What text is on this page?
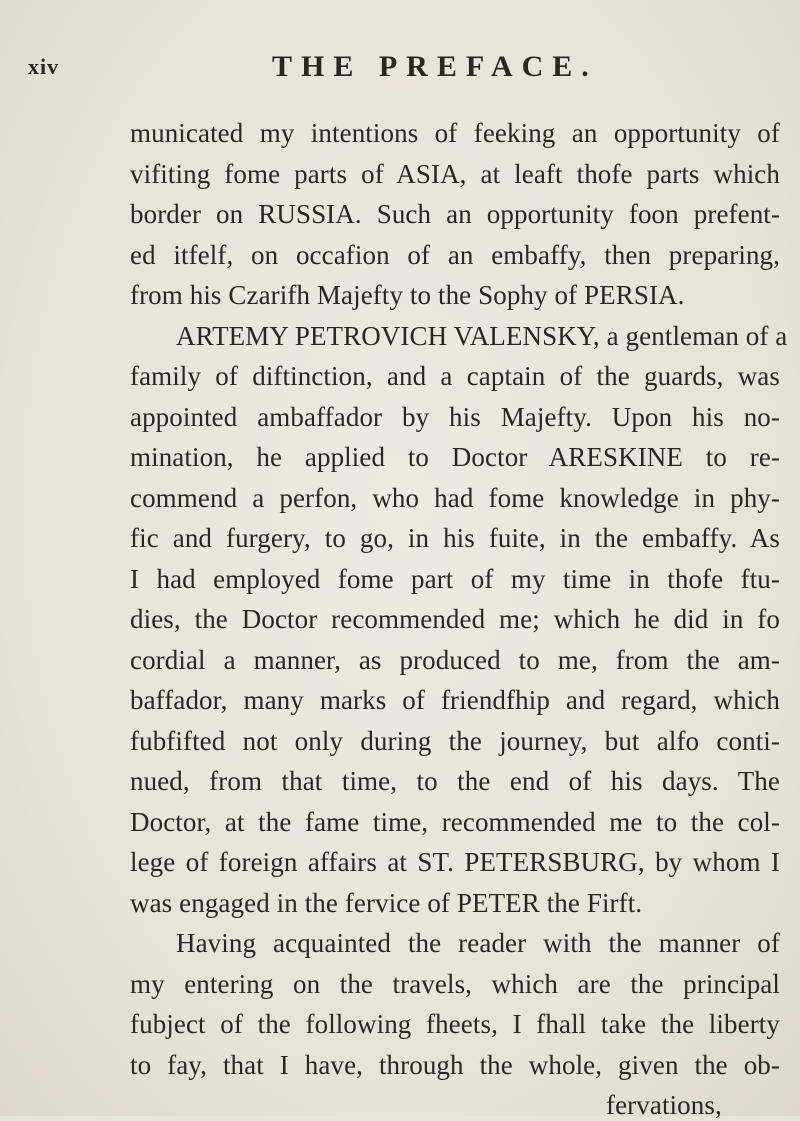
xiv	THE PREFACE.
municated my intentions of feeking an opportunity of
vifiting fome parts of ASIA, at leaft thofe parts which
border on RUSSIA. Such an opportunity foon prefent-
ed itfelf, on occafion of an embaffy, then preparing,
from his Czarifh Majefty to the Sophy of PERSIA.
ARTEMY PETROVICH VALENSKY, a gentleman of a
family of diftinction, and a captain of the guards, was
appointed ambaffador by his Majefty. Upon his no-
mination, he applied to Doctor ARESKINE to re-
commend a perfon, who had fome knowledge in phy-
fic and furgery, to go, in his fuite, in the embaffy. As
I had employed fome part of my time in thofe ftu-
dies, the Doctor recommended me; which he did in fo
cordial a manner, as produced to me, from the am-
baffador, many marks of friendfhip and regard, which
fubfifted not only during the journey, but alfo conti-
nued, from that time, to the end of his days. The
Doctor, at the fame time, recommended me to the col-
lege of foreign affairs at ST. PETERSBURG, by whom I
was engaged in the fervice of PETER the Firft.
Having acquainted the reader with the manner of
my entering on the travels, which are the principal
fubject of the following fheets, I fhall take the liberty
to fay, that I have, through the whole, given the ob-
fervations,
